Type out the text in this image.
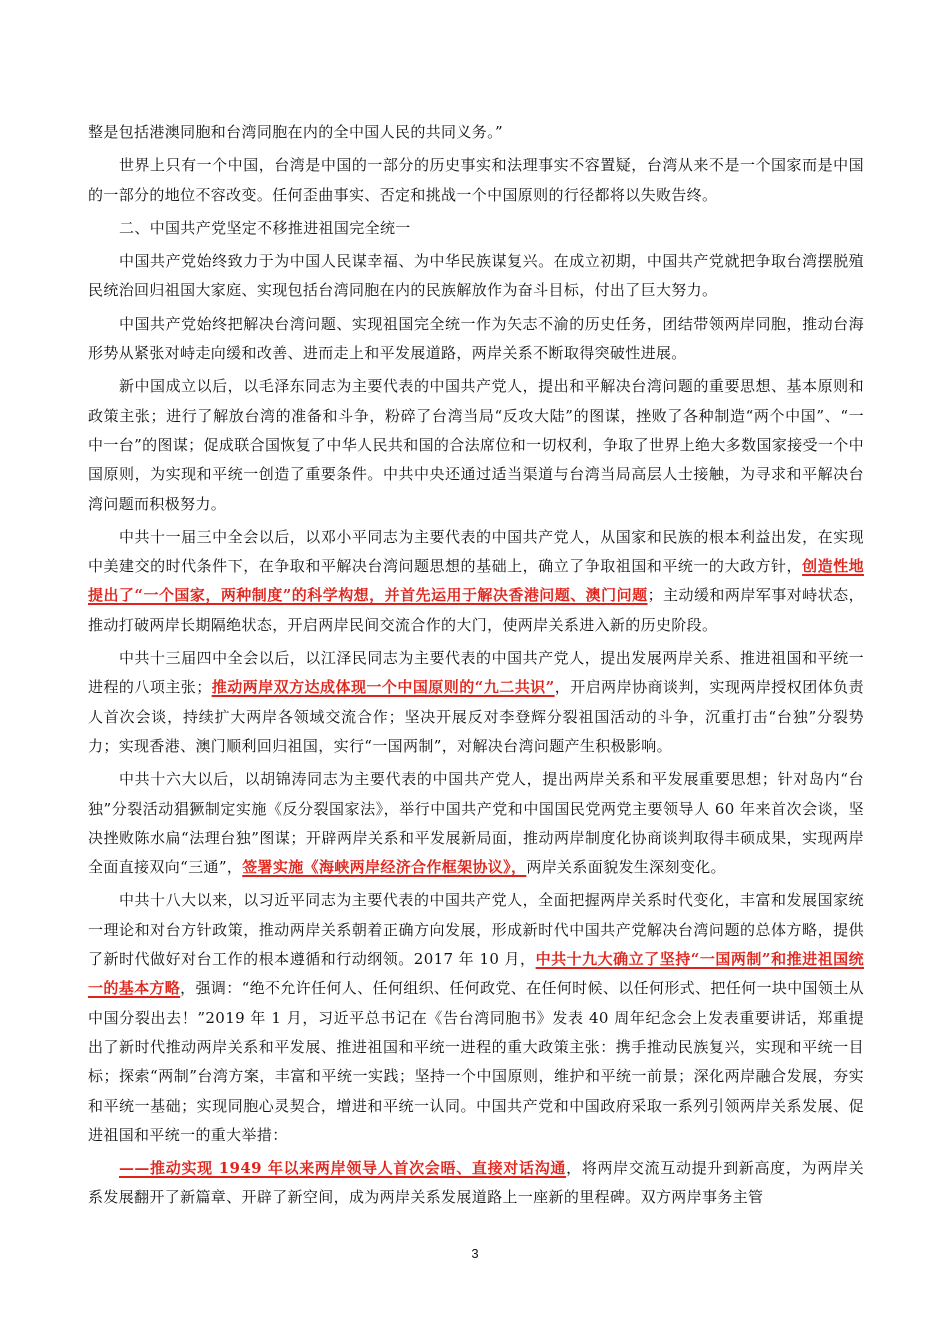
整是包括港澳同胞和台湾同胞在内的全中国人民的共同义务。”

世界上只有一个中国，台湾是中国的一部分的历史事实和法理事实不容置疑，台湾从来不是一个国家而是中国的一部分的地位不容改变。任何歪曲事实、否定和挑战一个中国原则的行径都将以失败告终。

二、中国共产党坚定不移推进祖国完全统一

中国共产党始终致力于为中国人民谋幸福、为中华民族谋复兴。在成立初期，中国共产党就把争取台湾摆脱殖民统治回归祖国大家庭、实现包括台湾同胞在内的民族解放作为奋斗目标，付出了巨大努力。

中国共产党始终把解决台湾问题、实现祖国完全统一作为矢志不渝的历史任务，团结带领两岸同胞，推动台海形势从紧张对峙走向缓和改善、进而走上和平发展道路，两岸关系不断取得突破性进展。

新中国成立以后，以毛泽东同志为主要代表的中国共产党人，提出和平解决台湾问题的重要思想、基本原则和政策主张；进行了解放台湾的准备和斗争，粉碎了台湾当局“反攻大陆”的图谋，挫败了各种制造“两个中国”、“一中一台”的图谋；促成联合国恢复了中华人民共和国的合法席位和一切权利，争取了世界上绝大多数国家接受一个中国原则，为实现和平统一创造了重要条件。中共中央还通过适当渠道与台湾当局高层人士接触，为寻求和平解决台湾问题而积极努力。

中共十一届三中全会以后，以邓小平同志为主要代表的中国共产党人，从国家和民族的根本利益出发，在实现中美建交的时代条件下，在争取和平解决台湾问题思想的基础上，确立了争取祖国和平统一的大政方针，创造性地提出了“一个国家，两种制度”的科学构想，并首先运用于解决香港问题、澳门问题；主动缓和两岸军事对峙状态，推动打破两岸长期隔绝状态，开启两岸民间交流合作的大门，使两岸关系进入新的历史阶段。

中共十三届四中全会以后，以江泽民同志为主要代表的中国共产党人，提出发展两岸关系、推进祖国和平统一进程的八项主张；推动两岸双方达成体现一个中国原则的“九二共识”，开启两岸协商谈判，实现两岸授权团体负责人首次会谈，持续扩大两岸各领域交流合作；坚决开展反对李登辉分裂祖国活动的斗争，沉重打击“台独”分裂势力；实现香港、澳门顺利回归祖国，实行“一国两制”，对解决台湾问题产生积极影响。

中共十六大以后，以胡锦涛同志为主要代表的中国共产党人，提出两岸关系和平发展重要思想；针对岛内“台独”分裂活动猖獗制定实施《反分裂国家法》，举行中国共产党和中国国民党两党主要领导人 60 年来首次会谈，坚决挫败陈水扁“法理台独”图谋；开辟两岸关系和平发展新局面，推动两岸制度化协商谈判取得丰硕成果，实现两岸全面直接双向“三通”，签署实施《海峡两岸经济合作框架协议》，两岸关系面貌发生深刻变化。

中共十八大以来，以习近平同志为主要代表的中国共产党人，全面把握两岸关系时代变化，丰富和发展国家统一理论和对台方针政策，推动两岸关系朝着正确方向发展，形成新时代中国共产党解决台湾问题的总体方略，提供了新时代做好对台工作的根本遵循和行动纲领。2017 年 10 月，中共十九大确立了坚持“一国两制”和推进祖国统一的基本方略，强调：“绝不允许任何人、任何组织、任何政党、在任何时候、以任何形式、把任何一块中国领土从中国分裂出去！”2019 年 1 月，习近平总书记在《告台湾同胞书》发表 40 周年纪念会上发表重要讲话，郑重提出了新时代推动两岸关系和平发展、推进祖国和平统一进程的重大政策主张：携手推动民族复兴，实现和平统一目标；探索“两制”台湾方案，丰富和平统一实践；坚持一个中国原则，维护和平统一前景；深化两岸融合发展，夯实和平统一基础；实现同胞心灵契合，增进和平统一认同。中国共产党和中国政府采取一系列引领两岸关系发展、促进祖国和平统一的重大举措：

——推动实现 1949 年以来两岸领导人首次会晤、直接对话沟通，将两岸交流互动提升到新高度，为两岸关系发展翻开了新篇章、开辟了新空间，成为两岸关系发展道路上一座新的里程碑。双方两岸事务主管

3
